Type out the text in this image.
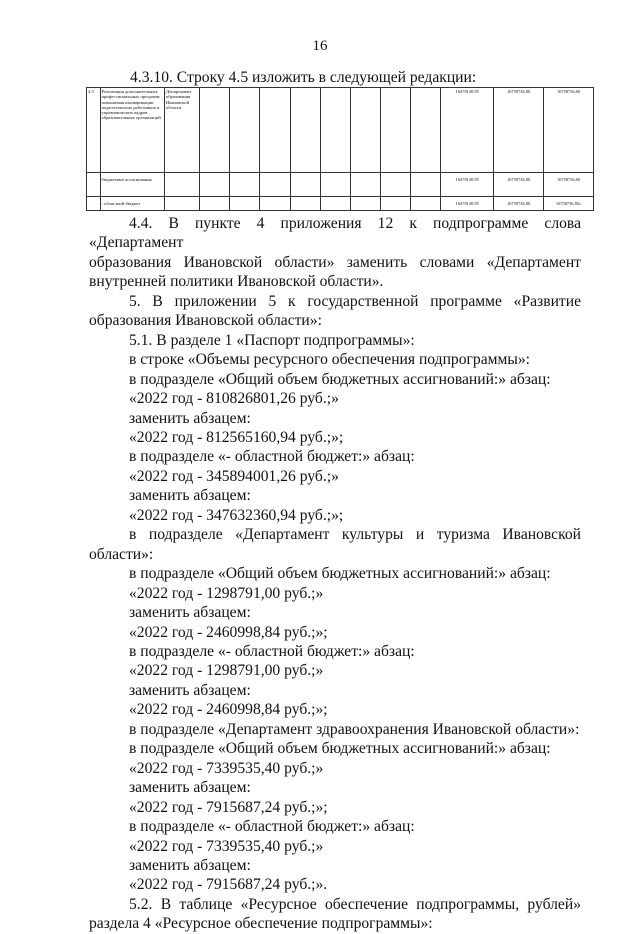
16
4.3.10. Строку 4.5 изложить в следующей редакции:
4.5	Реализация дополнительных профессиональных программ повышения квалификации педагогических работников и управленческих кадров образовательных организаций	Департамент образования Ивановской области									18478130,95	16758736,80	16758736,80
	бюджетные ассигнования										18478130,95	16758736,80	16758736,80
	- областной бюджет										18478130,95	16758736,80	16758736,80»

4.4. В пункте 4 приложения 12 к подпрограмме слова «Департамент

образования Ивановской области» заменить словами «Департамент

внутренней политики Ивановской области».

5. В приложении 5 к государственной программе «Развитие

образования Ивановской области»:

5.1. В разделе 1 «Паспорт подпрограммы»:

в строке «Объемы ресурсного обеспечения подпрограммы»:

в подразделе «Общий объем бюджетных ассигнований:» абзац:

«2022 год - 810826801,26 руб.;»

заменить абзацем:

«2022 год - 812565160,94 руб.;»;

в подразделе «- областной бюджет:» абзац:

«2022 год - 345894001,26 руб.;»

заменить абзацем:

«2022 год - 347632360,94 руб.;»;

в подразделе «Департамент культуры и туризма Ивановской

области»:

в подразделе «Общий объем бюджетных ассигнований:» абзац:

«2022 год - 1298791,00 руб.;»

заменить абзацем:

«2022 год - 2460998,84 руб.;»;

в подразделе «- областной бюджет:» абзац:

«2022 год - 1298791,00 руб.;»

заменить абзацем:

«2022 год - 2460998,84 руб.;»;

в подразделе «Департамент здравоохранения Ивановской области»:

в подразделе «Общий объем бюджетных ассигнований:» абзац:

«2022 год - 7339535,40 руб.;»

заменить абзацем:

«2022 год - 7915687,24 руб.;»;

в подразделе «- областной бюджет:» абзац:

«2022 год - 7339535,40 руб.;»

заменить абзацем:

«2022 год - 7915687,24 руб.;».

5.2. В таблице «Ресурсное обеспечение подпрограммы, рублей»

раздела 4 «Ресурсное обеспечение подпрограммы»:
